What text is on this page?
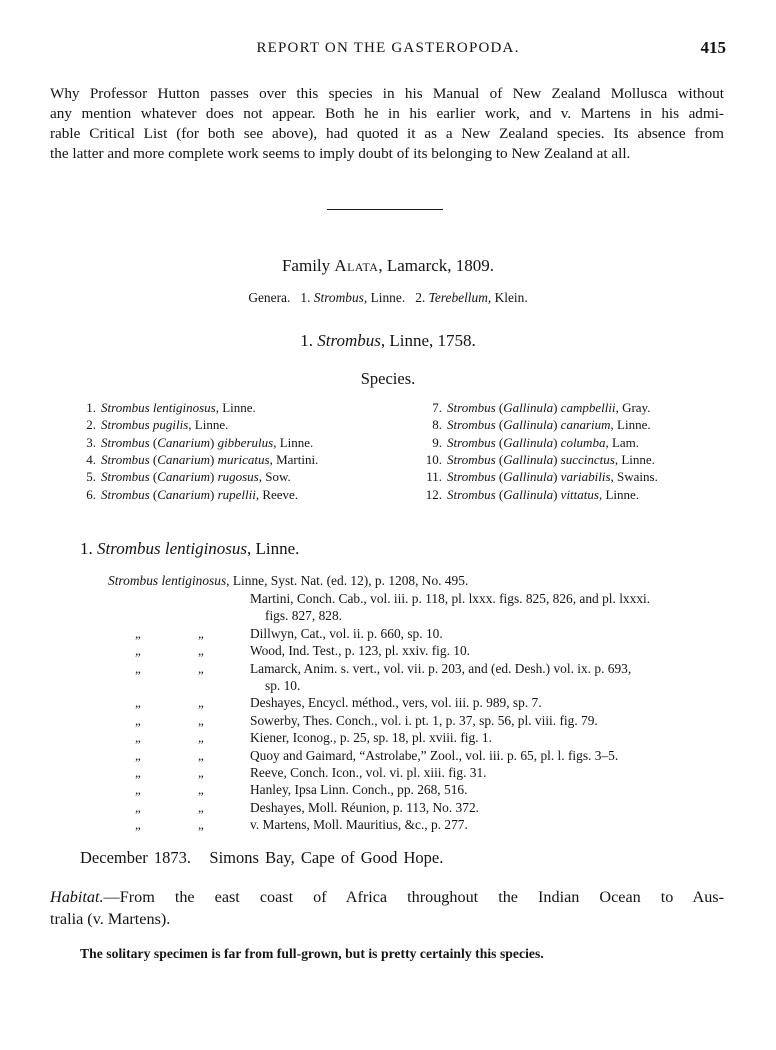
REPORT ON THE GASTEROPODA.	415
Why Professor Hutton passes over this species in his Manual of New Zealand Mollusca without
any mention whatever does not appear. Both he in his earlier work, and v. Martens in his admi-
rable Critical List (for both see above), had quoted it as a New Zealand species. Its absence from
the latter and more complete work seems to imply doubt of its belonging to New Zealand at all.
Family Alata, Lamarck, 1809.
Genera. 1. Strombus, Linne. 2. Terebellum, Klein.
1. Strombus, Linne, 1758.
Species.
1. Strombus lentiginosus, Linne.
2. Strombus pugilis, Linne.
3. Strombus (Canarium) gibberulus, Linne.
4. Strombus (Canarium) muricatus, Martini.
5. Strombus (Canarium) rugosus, Sow.
6. Strombus (Canarium) rupellii, Reeve.
7. Strombus (Gallinula) campbellii, Gray.
8. Strombus (Gallinula) canarium, Linne.
9. Strombus (Gallinula) columba, Lam.
10. Strombus (Gallinula) succinctus, Linne.
11. Strombus (Gallinula) variabilis, Swains.
12. Strombus (Gallinula) vittatus, Linne.
1. Strombus lentiginosus, Linne.
Strombus lentiginosus, Linne, Syst. Nat. (ed. 12), p. 1208, No. 495.
Martini, Conch. Cab., vol. iii. p. 118, pl. lxxx. figs. 825, 826, and pl. lxxxi.
figs. 827, 828.
„	„	Dillwyn, Cat., vol. ii. p. 660, sp. 10.
„	„	Wood, Ind. Test., p. 123, pl. xxiv. fig. 10.
„	„	Lamarck, Anim. s. vert., vol. vii. p. 203, and (ed. Desh.) vol. ix. p. 693,
sp. 10.
„	„	Deshayes, Encycl. méthod., vers, vol. iii. p. 989, sp. 7.
„	„	Sowerby, Thes. Conch., vol. i. pt. 1, p. 37, sp. 56, pl. viii. fig. 79.
„	„	Kiener, Iconog., p. 25, sp. 18, pl. xviii. fig. 1.
„	„	Quoy and Gaimard, “Astrolabe,” Zool., vol. iii. p. 65, pl. l. figs. 3–5.
„	„	Reeve, Conch. Icon., vol. vi. pl. xiii. fig. 31.
„	„	Hanley, Ipsa Linn. Conch., pp. 268, 516.
„	„	Deshayes, Moll. Réunion, p. 113, No. 372.
„	„	v. Martens, Moll. Mauritius, &c., p. 277.
December 1873. Simons Bay, Cape of Good Hope.
Habitat.—From the east coast of Africa throughout the Indian Ocean to Aus-
tralia (v. Martens).
The solitary specimen is far from full-grown, but is pretty certainly this species.
